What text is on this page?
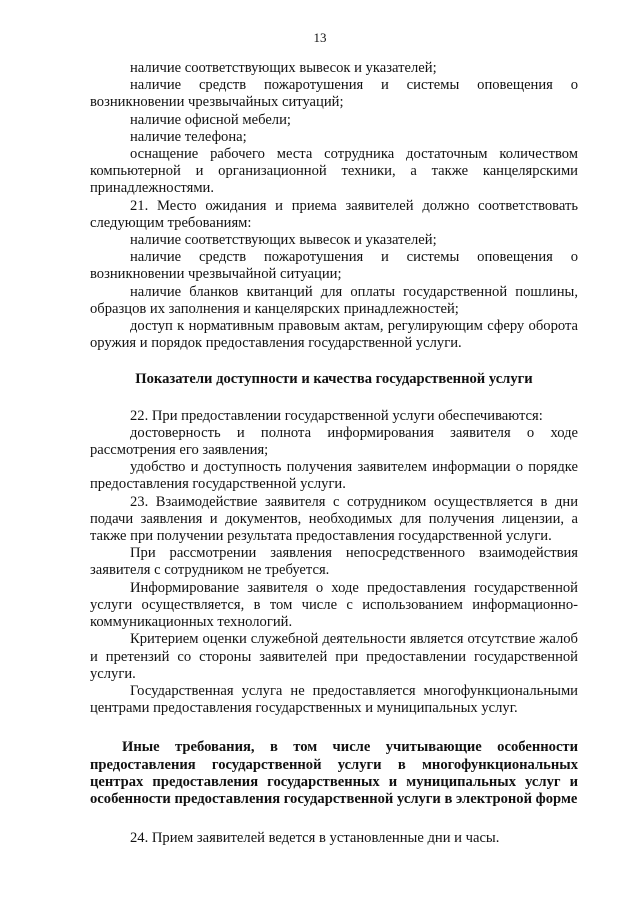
13

наличие соответствующих вывесок и указателей;

наличие средств пожаротушения и системы оповещения о возникновении чрезвычайных ситуаций;

наличие офисной мебели;

наличие телефона;

оснащение рабочего места сотрудника достаточным количеством компьютерной и организационной техники, а также канцелярскими принадлежностями.

21. Место ожидания и приема заявителей должно соответствовать следующим требованиям:

наличие соответствующих вывесок и указателей;

наличие средств пожаротушения и системы оповещения о возникновении чрезвычайной ситуации;

наличие бланков квитанций для оплаты государственной пошлины, образцов их заполнения и канцелярских принадлежностей;

доступ к нормативным правовым актам, регулирующим сферу оборота оружия и порядок предоставления государственной услуги.

Показатели доступности и качества государственной услуги

22. При предоставлении государственной услуги обеспечиваются:

достоверность и полнота информирования заявителя о ходе рассмотрения его заявления;

удобство и доступность получения заявителем информации о порядке предоставления государственной услуги.

23. Взаимодействие заявителя с сотрудником осуществляется в дни подачи заявления и документов, необходимых для получения лицензии, а также при получении результата предоставления государственной услуги.

При рассмотрении заявления непосредственного взаимодействия заявителя с сотрудником не требуется.

Информирование заявителя о ходе предоставления государственной услуги осуществляется, в том числе с использованием информационно-коммуникационных технологий.

Критерием оценки служебной деятельности является отсутствие жалоб и претензий со стороны заявителей при предоставлении государственной услуги.

Государственная услуга не предоставляется многофункциональными центрами предоставления государственных и муниципальных услуг.

Иные требования, в том числе учитывающие особенности предоставления государственной услуги в многофункциональных центрах предоставления государственных и муниципальных услуг и особенности предоставления государственной услуги в электроной форме

24. Прием заявителей ведется в установленные дни и часы.
